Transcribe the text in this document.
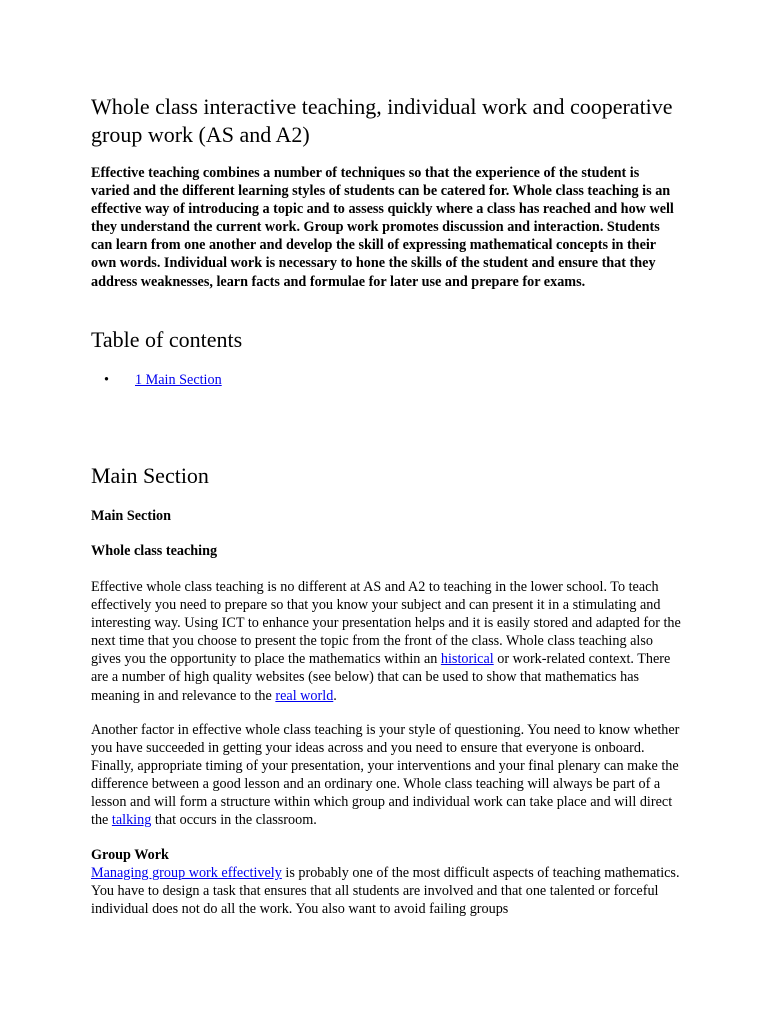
Whole class interactive teaching, individual work and cooperative group work (AS and A2)

Effective teaching combines a number of techniques so that the experience of the student is varied and the different learning styles of students can be catered for. Whole class teaching is an effective way of introducing a topic and to assess quickly where a class has reached and how well they understand the current work. Group work promotes discussion and interaction. Students can learn from one another and develop the skill of expressing mathematical concepts in their own words. Individual work is necessary to hone the skills of the student and ensure that they address weaknesses, learn facts and formulae for later use and prepare for exams.

Table of contents
• 1 Main Section
Main Section

Main Section

Whole class teaching

Effective whole class teaching is no different at AS and A2 to teaching in the lower school. To teach effectively you need to prepare so that you know your subject and can present it in a stimulating and interesting way. Using ICT to enhance your presentation helps and it is easily stored and adapted for the next time that you choose to present the topic from the front of the class. Whole class teaching also gives you the opportunity to place the mathematics within an historical or work-related context. There are a number of high quality websites (see below) that can be used to show that mathematics has meaning in and relevance to the real world.

Another factor in effective whole class teaching is your style of questioning. You need to know whether you have succeeded in getting your ideas across and you need to ensure that everyone is onboard. Finally, appropriate timing of your presentation, your interventions and your final plenary can make the difference between a good lesson and an ordinary one. Whole class teaching will always be part of a lesson and will form a structure within which group and individual work can take place and will direct the talking that occurs in the classroom.

Group Work

Managing group work effectively is probably one of the most difficult aspects of teaching mathematics. You have to design a task that ensures that all students are involved and that one talented or forceful individual does not do all the work. You also want to avoid failing groups
